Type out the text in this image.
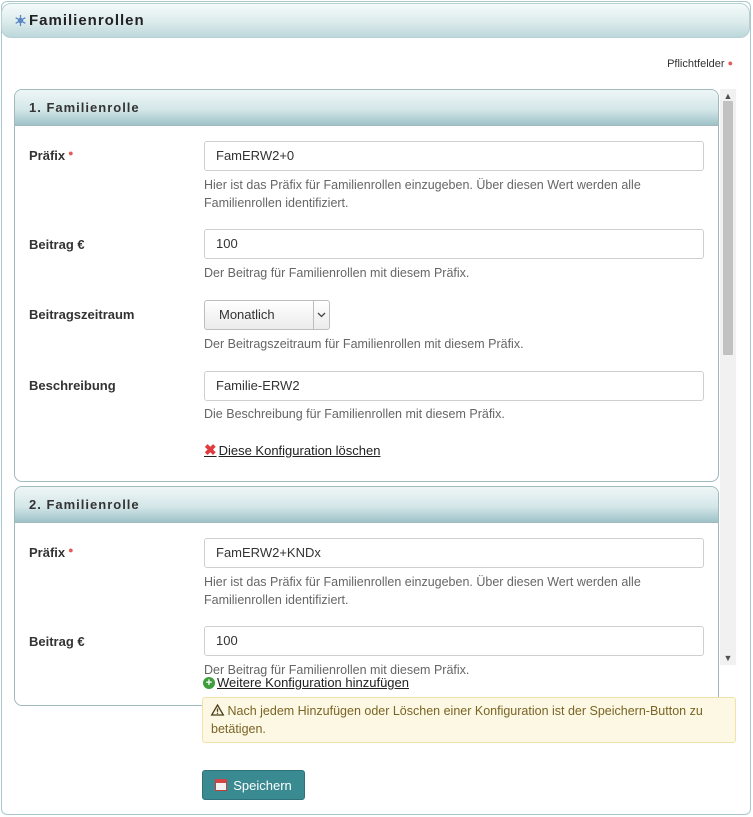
Familienrollen
Pflichtfelder ●
1. Familienrolle
Präfix ●	FamERW2+0
Hier ist das Präfix für Familienrollen einzugeben. Über diesen Wert werden alle Familienrollen identifiziert.
Beitrag €	100
Der Beitrag für Familienrollen mit diesem Präfix.
Beitragszeitraum	Monatlich
Der Beitragszeitraum für Familienrollen mit diesem Präfix.
Beschreibung	Familie-ERW2
Die Beschreibung für Familienrollen mit diesem Präfix.
✖ Diese Konfiguration löschen
2. Familienrolle
Präfix ●	FamERW2+KNDx
Hier ist das Präfix für Familienrollen einzugeben. Über diesen Wert werden alle Familienrollen identifiziert.
Beitrag €	100
Der Beitrag für Familienrollen mit diesem Präfix.
▲
▼
+ Weitere Konfiguration hinzufügen
Nach jedem Hinzufügen oder Löschen einer Konfiguration ist der Speichern-Button zu betätigen.
Speichern
